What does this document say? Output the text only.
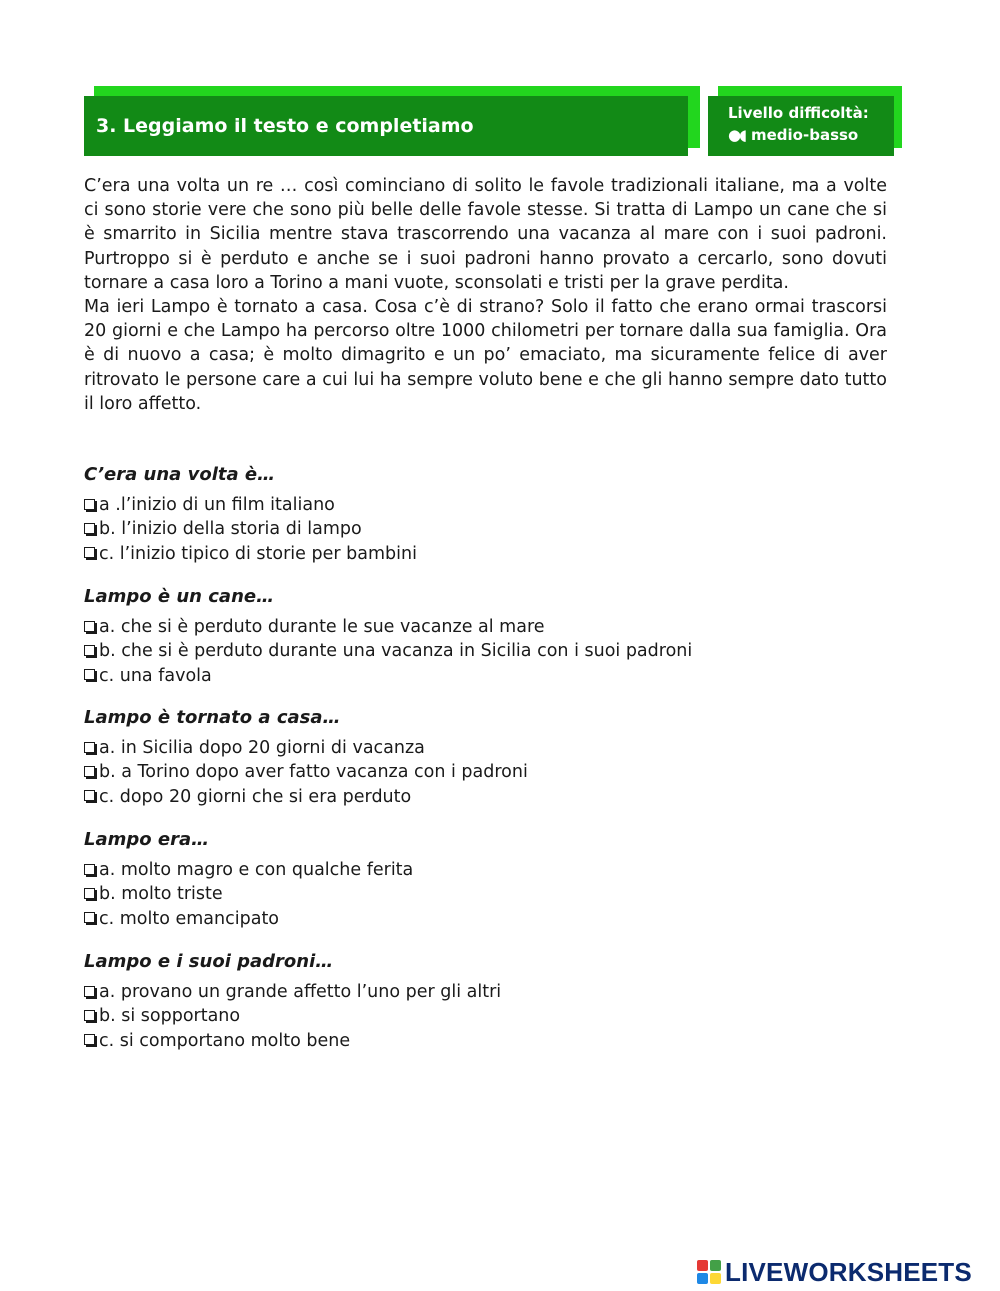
3. Leggiamo il testo e completiamo
Livello difficoltà:
●◖ medio-basso

C’era una volta un re … così cominciano di solito le favole tradizionali italiane, ma a volte ci sono storie vere che sono più belle delle favole stesse. Si tratta di Lampo un cane che si è smarrito in Sicilia mentre stava trascorrendo una vacanza al mare con i suoi padroni. Purtroppo si è perduto e anche se i suoi padroni hanno provato a cercarlo, sono dovuti tornare a casa loro a Torino a mani vuote, sconsolati e tristi per la grave perdita.

Ma ieri Lampo è tornato a casa. Cosa c’è di strano? Solo il fatto che erano ormai trascorsi 20 giorni e che Lampo ha percorso oltre 1000 chilometri per tornare dalla sua famiglia. Ora è di nuovo a casa; è molto dimagrito e un po’ emaciato, ma sicuramente felice di aver ritrovato le persone care a cui lui ha sempre voluto bene e che gli hanno sempre dato tutto il loro affetto.

C’era una volta è…
a .l’inizio di un film italiano
b. l’inizio della storia di lampo
c. l’inizio tipico di storie per bambini
Lampo è un cane…
a. che si è perduto durante le sue vacanze al mare
b. che si è perduto durante una vacanza in Sicilia con i suoi padroni
c. una favola
Lampo è tornato a casa…
a. in Sicilia dopo 20 giorni di vacanza
b. a Torino dopo aver fatto vacanza con i padroni
c. dopo 20 giorni che si era perduto
Lampo era…
a. molto magro e con qualche ferita
b. molto triste
c. molto emancipato
Lampo e i suoi padroni…
a. provano un grande affetto l’uno per gli altri
b. si sopportano
c. si comportano molto bene
LIVEWORKSHEETS
